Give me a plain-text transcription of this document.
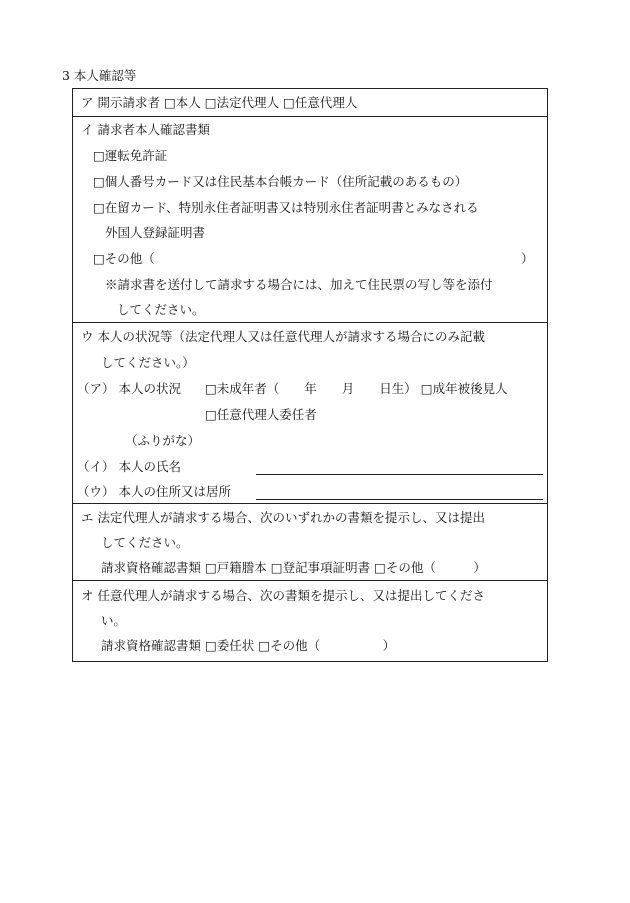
3 本人確認等
ア 開示請求者 □本人 □法定代理人 □任意代理人
イ 請求者本人確認書類
□運転免許証
□個人番号カード又は住民基本台帳カード（住所記載のあるもの）
□在留カード、特別永住者証明書又は特別永住者証明書とみなされる
外国人登録証明書
□その他（	）
※請求書を送付して請求する場合には、加えて住民票の写し等を添付
してください。
ウ 本人の状況等（法定代理人又は任意代理人が請求する場合にのみ記載
してください。）
（ア） 本人の状況 □未成年者（　　年　　月　　日生） □成年被後見人
□任意代理人委任者
（ふりがな）
（イ） 本人の氏名
（ウ） 本人の住所又は居所
エ 法定代理人が請求する場合、次のいずれかの書類を提示し、又は提出
してください。
請求資格確認書類 □戸籍謄本 □登記事項証明書 □その他（　　　）
オ 任意代理人が請求する場合、次の書類を提示し、又は提出してくださ
い。
請求資格確認書類 □委任状 □その他（　　　　　）
